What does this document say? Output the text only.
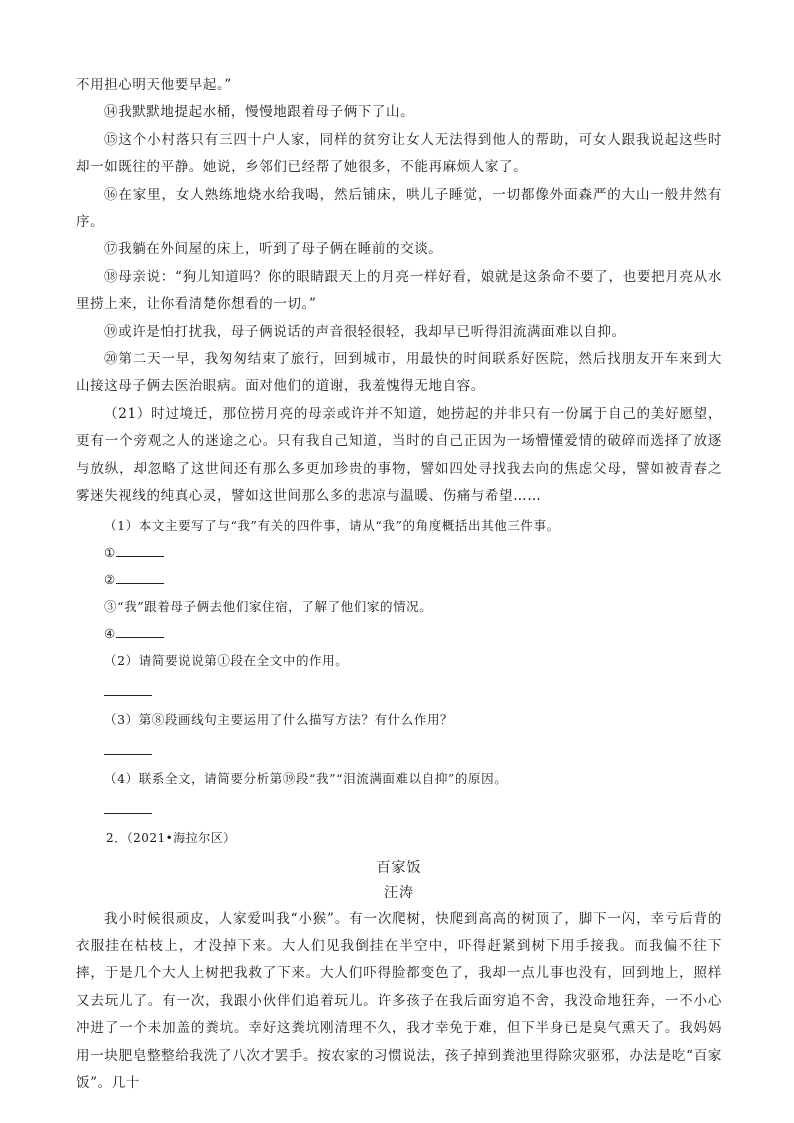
不用担心明天他要早起。”

⑭我默默地提起水桶，慢慢地跟着母子俩下了山。

⑮这个小村落只有三四十户人家，同样的贫穷让女人无法得到他人的帮助，可女人跟我说起这些时却一如既往的平静。她说，乡邻们已经帮了她很多，不能再麻烦人家了。

⑯在家里，女人熟练地烧水给我喝，然后铺床，哄儿子睡觉，一切都像外面森严的大山一般井然有序。

⑰我躺在外间屋的床上，听到了母子俩在睡前的交谈。

⑱母亲说：“狗儿知道吗？你的眼睛跟天上的月亮一样好看，娘就是这条命不要了，也要把月亮从水里捞上来，让你看清楚你想看的一切。”

⑲或许是怕打扰我，母子俩说话的声音很轻很轻，我却早已听得泪流满面难以自抑。

⑳第二天一早，我匆匆结束了旅行，回到城市，用最快的时间联系好医院，然后找朋友开车来到大山接这母子俩去医治眼病。面对他们的道谢，我羞愧得无地自容。

（21）时过境迁，那位捞月亮的母亲或许并不知道，她捞起的并非只有一份属于自己的美好愿望，更有一个旁观之人的迷途之心。只有我自己知道，当时的自己正因为一场懵懂爱情的破碎而选择了放逐与放纵，却忽略了这世间还有那么多更加珍贵的事物，譬如四处寻找我去向的焦虑父母，譬如被青春之雾迷失视线的纯真心灵，譬如这世间那么多的悲凉与温暖、伤痛与希望……

（1）本文主要写了与“我”有关的四件事，请从“我”的角度概括出其他三件事。

①

②

③“我”跟着母子俩去他们家住宿，了解了他们家的情况。

④

（2）请简要说说第①段在全文中的作用。

（3）第⑧段画线句主要运用了什么描写方法？有什么作用？

（4）联系全文，请简要分析第⑲段“我”“泪流满面难以自抑”的原因。

2．（2021•海拉尔区）

百家饭

汪涛

我小时候很顽皮，人家爱叫我“小猴”。有一次爬树，快爬到高高的树顶了，脚下一闪，幸亏后背的衣服挂在枯枝上，才没掉下来。大人们见我倒挂在半空中，吓得赶紧到树下用手接我。而我偏不往下摔，于是几个大人上树把我救了下来。大人们吓得脸都变色了，我却一点儿事也没有，回到地上，照样又去玩儿了。有一次，我跟小伙伴们追着玩儿。许多孩子在我后面穷追不舍，我没命地狂奔，一不小心冲进了一个未加盖的粪坑。幸好这粪坑刚清理不久，我才幸免于难，但下半身已是臭气熏天了。我妈妈用一块肥皂整整给我洗了八次才罢手。按农家的习惯说法，孩子掉到粪池里得除灾驱邪，办法是吃“百家饭”。几十
